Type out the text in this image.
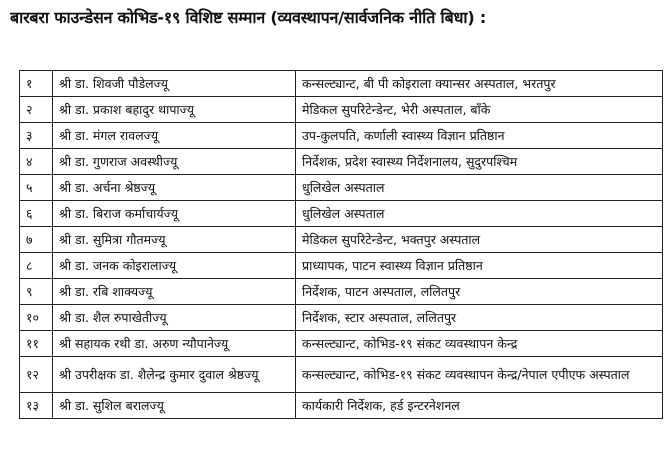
बारबरा फाउन्डेसन कोभिड-१९ विशिष्ट सम्मान (व्यवस्थापन/सार्वजनिक नीति बिधा) :
१	श्री डा. शिवजी पौडेलज्यू	कन्सल्ट्यान्ट, बी पी कोइराला क्यान्सर अस्पताल, भरतपुर
२	श्री डा. प्रकाश बहादुर थापाज्यू	मेडिकल सुपरिटेन्डेन्ट, भेरी अस्पताल, बाँके
३	श्री डा. मंगल रावलज्यू	उप-कुलपति, कर्णाली स्वास्थ्य विज्ञान प्रतिष्ठान
४	श्री डा. गुणराज अवस्थीज्यू	निर्देशक, प्रदेश स्वास्थ्य निर्देशनालय, सुदुरपश्चिम
५	श्री डा. अर्चना श्रेष्ठज्यू	धुलिखेल अस्पताल
६	श्री डा. बिराज कर्माचार्यज्यू	धुलिखेल अस्पताल
७	श्री डा. सुमित्रा गौतमज्यू	मेडिकल सुपरिटेन्डेन्ट, भक्तपुर अस्पताल
८	श्री डा. जनक कोइरालाज्यू	प्राध्यापक, पाटन स्वास्थ्य विज्ञान प्रतिष्ठान
९	श्री डा. रबि शाक्यज्यू	निर्देशक, पाटन अस्पताल, ललितपुर
१०	श्री डा. शैल रुपाखेतीज्यू	निर्देशक, स्टार अस्पताल, ललितपुर
११	श्री सहायक रथी डा. अरुण न्यौपानेज्यू	कन्सल्ट्यान्ट, कोभिड-१९ संकट व्यवस्थापन केन्द्र
१२	श्री उपरीक्षक डा. शैलेन्द्र कुमार दुवाल श्रेष्ठज्यू	कन्सल्ट्यान्ट, कोभिड-१९ संकट व्यवस्थापन केन्द्र/नेपाल एपीएफ अस्पताल
१३	श्री डा. सुशिल बरालज्यू	कार्यकारी निर्देशक, हर्ड इन्टरनेशनल
